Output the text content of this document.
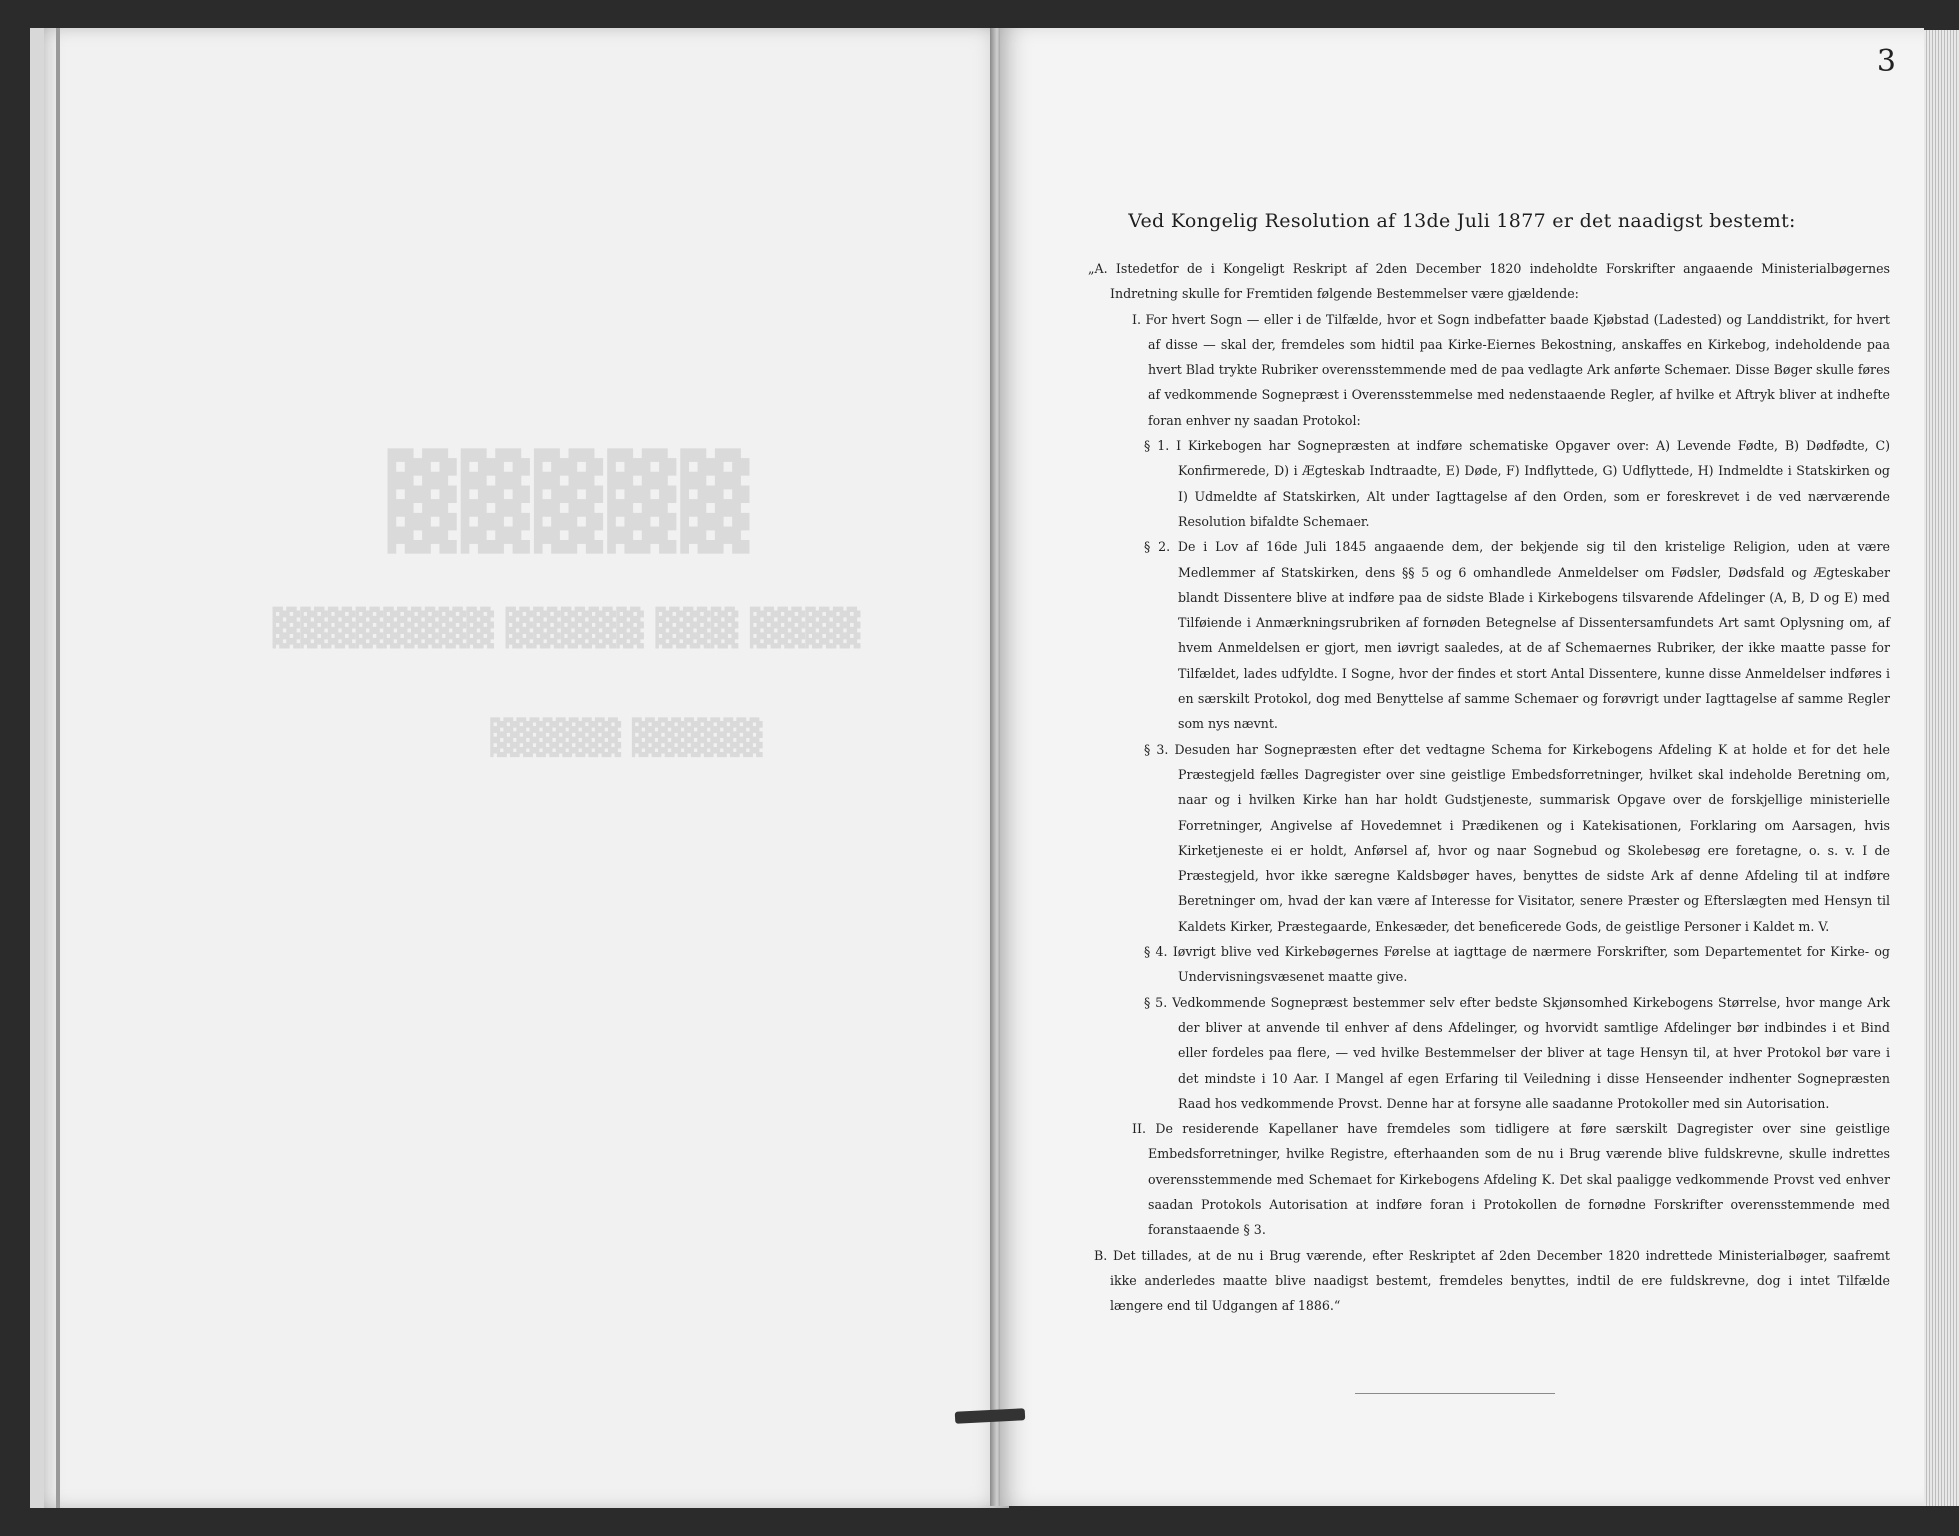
▓▓▓▓▓
▓▓▓▓ ▓▓▓ ▓▓▓▓▓ ▓▓▓▓▓▓▓▓
▓▓▓▓▓ ▓▓▓▓▓
3
Ved Kongelig Resolution af 13de Juli 1877 er det naadigst bestemt:

„A. Istedetfor de i Kongeligt Reskript af 2den December 1820 indeholdte Forskrifter angaaende Ministerialbøgernes Indretning skulle for Fremtiden følgende Bestemmelser være gjældende:

I. For hvert Sogn — eller i de Tilfælde, hvor et Sogn indbefatter baade Kjøbstad (Ladested) og Landdistrikt, for hvert af disse — skal der, fremdeles som hidtil paa Kirke-Eiernes Bekostning, anskaffes en Kirkebog, indeholdende paa hvert Blad trykte Rubriker overensstemmende med de paa vedlagte Ark anførte Schemaer. Disse Bøger skulle føres af vedkommende Sognepræst i Overensstemmelse med nedenstaaende Regler, af hvilke et Aftryk bliver at indhefte foran enhver ny saadan Protokol:

§ 1. I Kirkebogen har Sognepræsten at indføre schematiske Opgaver over: A) Levende Fødte, B) Dødfødte, C) Konfirmerede, D) i Ægteskab Indtraadte, E) Døde, F) Indflyttede, G) Udflyttede, H) Indmeldte i Statskirken og I) Udmeldte af Statskirken, Alt under Iagttagelse af den Orden, som er foreskrevet i de ved nærværende Resolution bifaldte Schemaer.

§ 2. De i Lov af 16de Juli 1845 angaaende dem, der bekjende sig til den kristelige Religion, uden at være Medlemmer af Statskirken, dens §§ 5 og 6 omhandlede Anmeldelser om Fødsler, Dødsfald og Ægteskaber blandt Dissentere blive at indføre paa de sidste Blade i Kirkebogens tilsvarende Afdelinger (A, B, D og E) med Tilføiende i Anmærkningsrubriken af fornøden Betegnelse af Dissentersamfundets Art samt Oplysning om, af hvem Anmeldelsen er gjort, men iøvrigt saaledes, at de af Schemaernes Rubriker, der ikke maatte passe for Tilfældet, lades udfyldte. I Sogne, hvor der findes et stort Antal Dissentere, kunne disse Anmeldelser indføres i en særskilt Protokol, dog med Benyttelse af samme Schemaer og forøvrigt under Iagttagelse af samme Regler som nys nævnt.

§ 3. Desuden har Sognepræsten efter det vedtagne Schema for Kirkebogens Afdeling K at holde et for det hele Præstegjeld fælles Dagregister over sine geistlige Embedsforretninger, hvilket skal indeholde Beretning om, naar og i hvilken Kirke han har holdt Gudstjeneste, summarisk Opgave over de forskjellige ministerielle Forretninger, Angivelse af Hovedemnet i Prædikenen og i Katekisationen, Forklaring om Aarsagen, hvis Kirketjeneste ei er holdt, Anførsel af, hvor og naar Sognebud og Skolebesøg ere foretagne, o. s. v. I de Præstegjeld, hvor ikke særegne Kaldsbøger haves, benyttes de sidste Ark af denne Afdeling til at indføre Beretninger om, hvad der kan være af Interesse for Visitator, senere Præster og Efterslægten med Hensyn til Kaldets Kirker, Præstegaarde, Enkesæder, det beneficerede Gods, de geistlige Personer i Kaldet m. V.

§ 4. Iøvrigt blive ved Kirkebøgernes Førelse at iagttage de nærmere Forskrifter, som Departementet for Kirke- og Undervisningsvæsenet maatte give.

§ 5. Vedkommende Sognepræst bestemmer selv efter bedste Skjønsomhed Kirkebogens Størrelse, hvor mange Ark der bliver at anvende til enhver af dens Afdelinger, og hvorvidt samtlige Afdelinger bør indbindes i et Bind eller fordeles paa flere, — ved hvilke Bestemmelser der bliver at tage Hensyn til, at hver Protokol bør vare i det mindste i 10 Aar. I Mangel af egen Erfaring til Veiledning i disse Henseender indhenter Sognepræsten Raad hos vedkommende Provst. Denne har at forsyne alle saadanne Protokoller med sin Autorisation.

II. De residerende Kapellaner have fremdeles som tidligere at føre særskilt Dagregister over sine geistlige Embedsforretninger, hvilke Registre, efterhaanden som de nu i Brug værende blive fuldskrevne, skulle indrettes overensstemmende med Schemaet for Kirkebogens Afdeling K. Det skal paaligge vedkommende Provst ved enhver saadan Protokols Autorisation at indføre foran i Protokollen de fornødne Forskrifter overensstemmende med foranstaaende § 3.

B. Det tillades, at de nu i Brug værende, efter Reskriptet af 2den December 1820 indrettede Ministerialbøger, saafremt ikke anderledes maatte blive naadigst bestemt, fremdeles benyttes, indtil de ere fuldskrevne, dog i intet Tilfælde længere end til Udgangen af 1886.“
